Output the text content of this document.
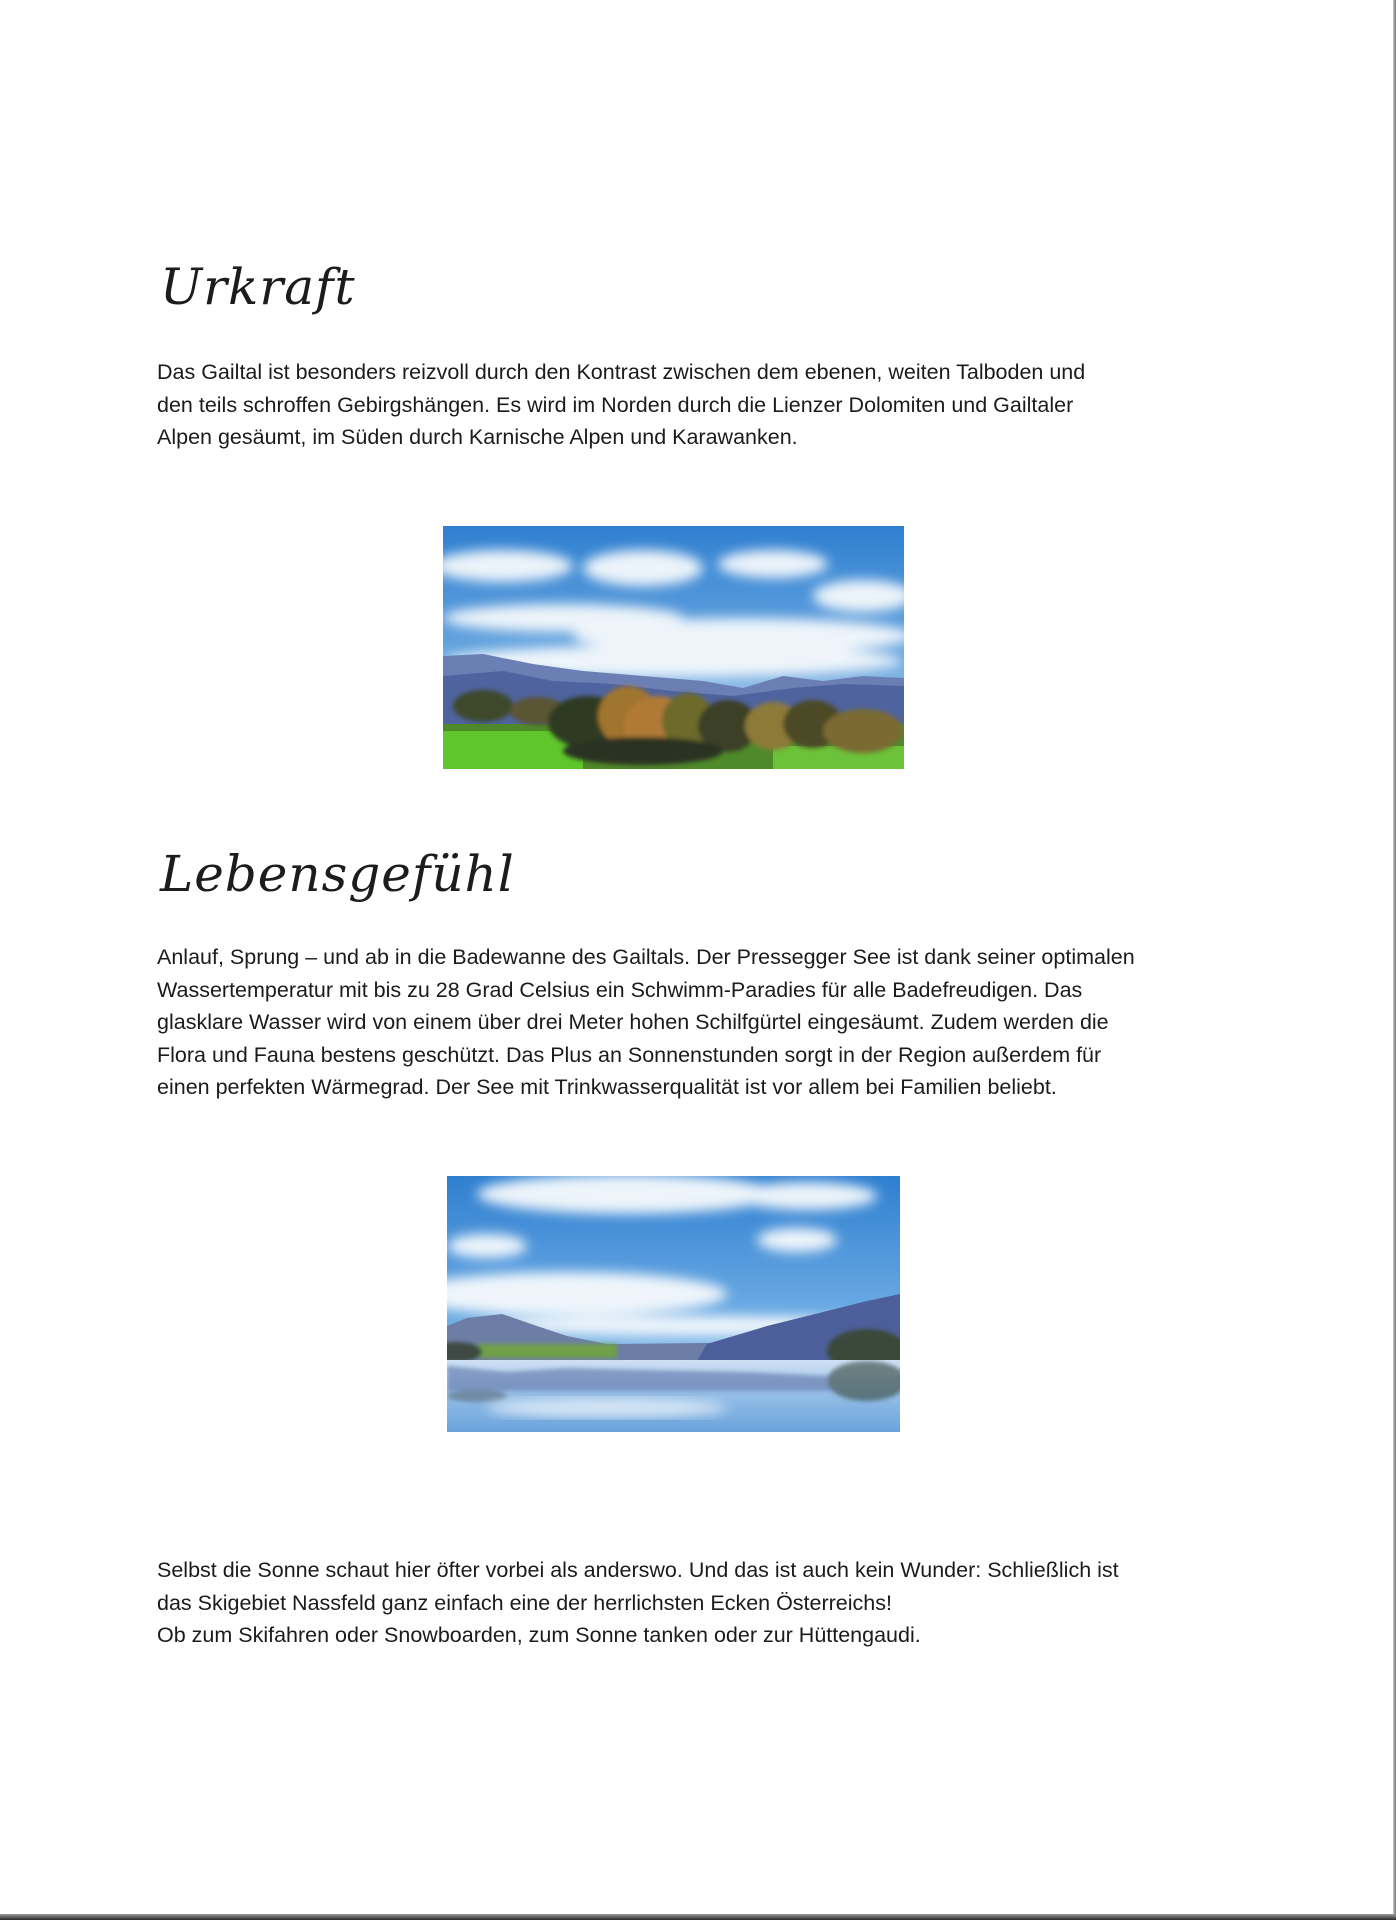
Urkraft

Das Gailtal ist besonders reizvoll durch den Kontrast zwischen dem ebenen, weiten Talboden und
den teils schroffen Gebirgshängen. Es wird im Norden durch die Lienzer Dolomiten und Gailtaler
Alpen gesäumt, im Süden durch Karnische Alpen und Karawanken.

Lebensgefühl

Anlauf, Sprung – und ab in die Badewanne des Gailtals. Der Pressegger See ist dank seiner optimalen
Wassertemperatur mit bis zu 28 Grad Celsius ein Schwimm-Paradies für alle Badefreudigen. Das
glasklare Wasser wird von einem über drei Meter hohen Schilfgürtel eingesäumt. Zudem werden die
Flora und Fauna bestens geschützt. Das Plus an Sonnenstunden sorgt in der Region außerdem für
einen perfekten Wärmegrad. Der See mit Trinkwasserqualität ist vor allem bei Familien beliebt.

Selbst die Sonne schaut hier öfter vorbei als anderswo. Und das ist auch kein Wunder: Schließlich ist
das Skigebiet Nassfeld ganz einfach eine der herrlichsten Ecken Österreichs!
Ob zum Skifahren oder Snowboarden, zum Sonne tanken oder zur Hüttengaudi.
